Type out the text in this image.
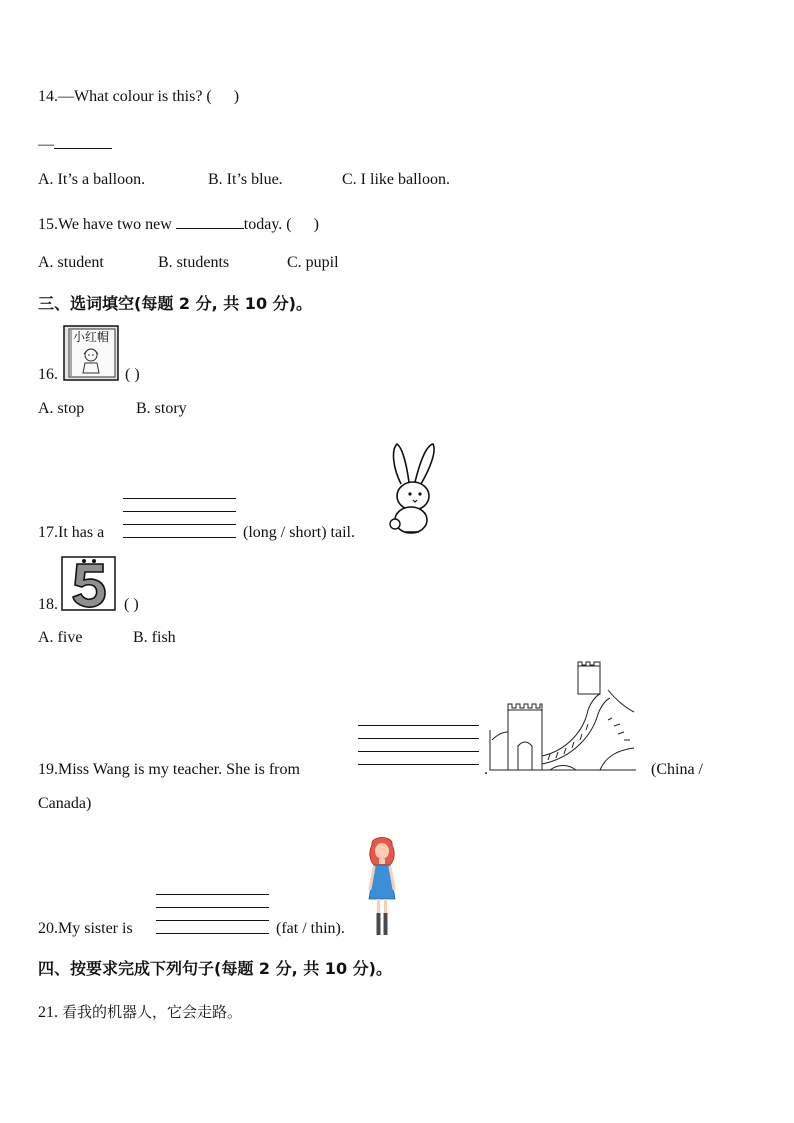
14.—What colour is this? ( )
—
A. It’s a balloon.	B. It’s blue.	C. I like balloon.
15.We have two new	today. ( )
A. student	B. students	C. pupil
三、选词填空(每题 2 分, 共 10 分)。
16.
小红帽
( )
A. stop	B. story
17.It has a	(long / short) tail.
18.	( )
A. five	B. fish
19.Miss Wang is my teacher. She is from	.	(China /
Canada)
20.My sister is	(fat / thin).
四、按要求完成下列句子(每题 2 分, 共 10 分)。
21. 看我的机器人，它会走路。
